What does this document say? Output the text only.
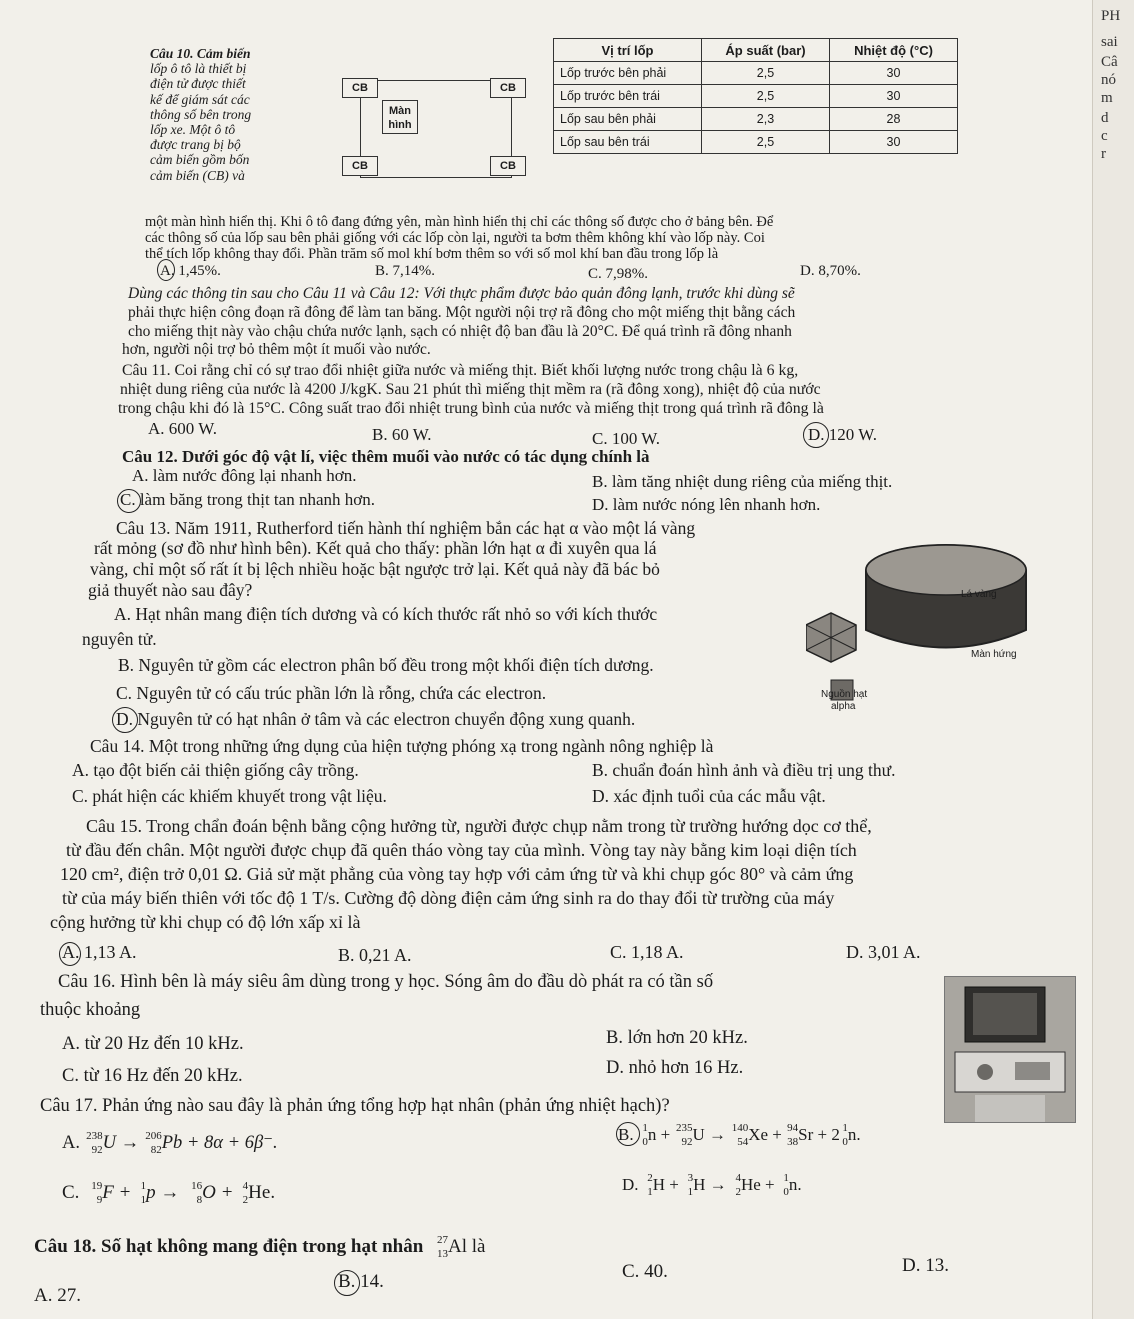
PH
sai
Câ
nó
m
d
c
r
Câu 10. Cảm biến
lốp ô tô là thiết bị
điện tử được thiết
kế để giám sát các
thông số bên trong
lốp xe. Một ô tô
được trang bị bộ
cảm biến gồm bốn
cảm biến (CB) và
CB	CB
CB	CB
Màn
hình
Vị trí lốp	Áp suất (bar)	Nhiệt độ (°C)
Lốp trước bên phải	2,5	30
Lốp trước bên trái	2,5	30
Lốp sau bên phải	2,3	28
Lốp sau bên trái	2,5	30
một màn hình hiển thị. Khi ô tô đang đứng yên, màn hình hiển thị chỉ các thông số được cho ở bảng bên. Để
các thông số của lốp sau bên phải giống với các lốp còn lại, người ta bơm thêm không khí vào lốp này. Coi
thể tích lốp không thay đổi. Phần trăm số mol khí bơm thêm so với số mol khí ban đầu trong lốp là
A. 1,45%.	B. 7,14%.	C. 7,98%.	D. 8,70%.
Dùng các thông tin sau cho Câu 11 và Câu 12: Với thực phẩm được bảo quản đông lạnh, trước khi dùng sẽ
phải thực hiện công đoạn rã đông để làm tan băng. Một người nội trợ rã đông cho một miếng thịt bằng cách
cho miếng thịt này vào chậu chứa nước lạnh, sạch có nhiệt độ ban đầu là 20°C. Để quá trình rã đông nhanh
hơn, người nội trợ bỏ thêm một ít muối vào nước.
Câu 11. Coi rằng chỉ có sự trao đổi nhiệt giữa nước và miếng thịt. Biết khối lượng nước trong chậu là 6 kg,
nhiệt dung riêng của nước là 4200 J/kgK. Sau 21 phút thì miếng thịt mềm ra (rã đông xong), nhiệt độ của nước
trong chậu khi đó là 15°C. Công suất trao đổi nhiệt trung bình của nước và miếng thịt trong quá trình rã đông là
A. 600 W.	B. 60 W.	C. 100 W.	D. 120 W.
Câu 12. Dưới góc độ vật lí, việc thêm muối vào nước có tác dụng chính là
A. làm nước đông lại nhanh hơn.	B. làm tăng nhiệt dung riêng của miếng thịt.
C. làm băng trong thịt tan nhanh hơn.	D. làm nước nóng lên nhanh hơn.
Câu 13. Năm 1911, Rutherford tiến hành thí nghiệm bắn các hạt α vào một lá vàng
rất mỏng (sơ đồ như hình bên). Kết quả cho thấy: phần lớn hạt α đi xuyên qua lá
vàng, chỉ một số rất ít bị lệch nhiều hoặc bật ngược trở lại. Kết quả này đã bác bỏ
giả thuyết nào sau đây?
A. Hạt nhân mang điện tích dương và có kích thước rất nhỏ so với kích thước
nguyên tử.
B. Nguyên tử gồm các electron phân bố đều trong một khối điện tích dương.
C. Nguyên tử có cấu trúc phần lớn là rỗng, chứa các electron.
D. Nguyên tử có hạt nhân ở tâm và các electron chuyển động xung quanh.
Lá vàng
Màn hứng
Nguồn hạt
alpha
Câu 14. Một trong những ứng dụng của hiện tượng phóng xạ trong ngành nông nghiệp là
A. tạo đột biến cải thiện giống cây trồng.	B. chuẩn đoán hình ảnh và điều trị ung thư.
C. phát hiện các khiếm khuyết trong vật liệu.	D. xác định tuổi của các mẫu vật.
Câu 15. Trong chẩn đoán bệnh bằng cộng hưởng từ, người được chụp nằm trong từ trường hướng dọc cơ thể,
từ đầu đến chân. Một người được chụp đã quên tháo vòng tay của mình. Vòng tay này bằng kim loại diện tích
120 cm², điện trở 0,01 Ω. Giả sử mặt phẳng của vòng tay hợp với cảm ứng từ và khi chụp góc 80° và cảm ứng
từ của máy biến thiên với tốc độ 1 T/s. Cường độ dòng điện cảm ứng sinh ra do thay đổi từ trường của máy
cộng hưởng từ khi chụp có độ lớn xấp xỉ là
A. 1,13 A.	B. 0,21 A.	C. 1,18 A.	D. 3,01 A.
Câu 16. Hình bên là máy siêu âm dùng trong y học. Sóng âm do đầu dò phát ra có tần số
thuộc khoảng
A. từ 20 Hz đến 10 kHz.	B. lớn hơn 20 kHz.
C. từ 16 Hz đến 20 kHz.	D. nhỏ hơn 16 Hz.
Câu 17. Phản ứng nào sau đây là phản ứng tổng hợp hạt nhân (phản ứng nhiệt hạch)?
A. 238
92 U → 206
82 Pb + 8α + 6β⁻.	B. 1
0 n + 235
92 U → 140
54 Xe + 94
38 Sr + 2 1
0 n.
C. 19
9 F + 1
1 p → 16
8 O + 4
2 He.	D. 2
1 H + 3
1 H → 4
2 He + 1
0 n.
Câu 18. Số hạt không mang điện trong hạt nhân 27
13 Al là
A. 27.
B. 14.	C. 40.	D. 13.
